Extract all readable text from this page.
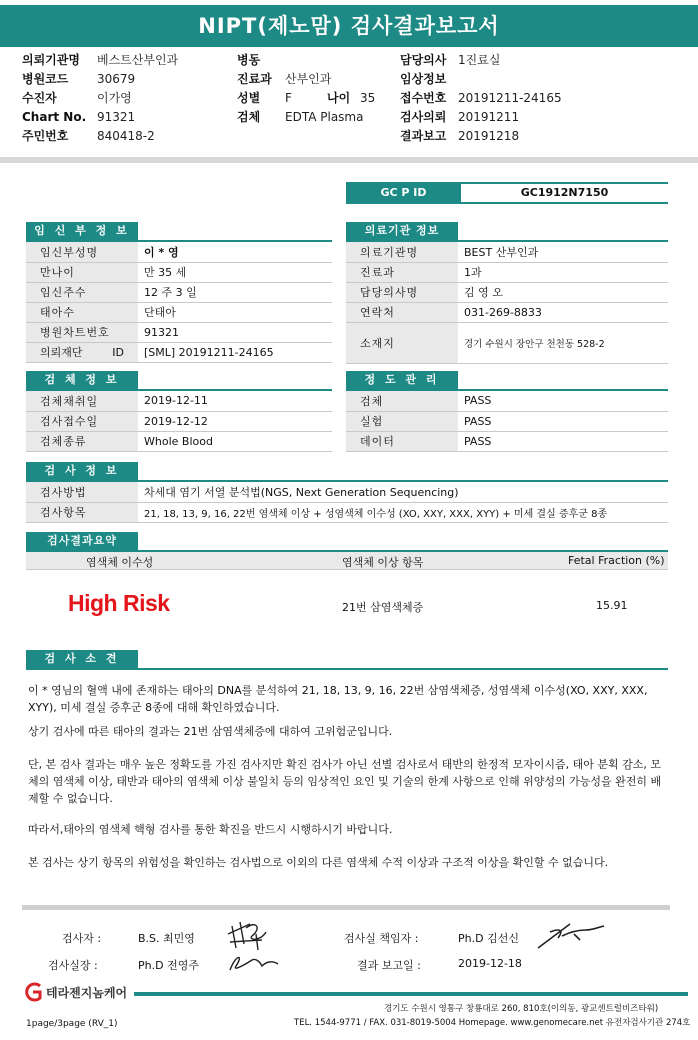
NIPT(제노맘) 검사결과보고서
의뢰기관명 베스트산부인과
병원코드 30679
수진자	이가영
Chart No. 91321
주민번호 840418-2
병동
진료과 산부인과
성별 F	나이 35
검체 EDTA Plasma
담당의사 1진료실
임상정보
접수번호 20191211-24165
검사의뢰 20191211
결과보고 20191218
GC P ID	GC1912N7150
임 신 부 정 보
임신부성명	이 * 영
만나이	만 35 세
임신주수	12 주 3 일
태아수	단태아
병원차트번호	91321
의뢰재단 ID	[SML] 20191211-24165
의료기관 정보
의료기관명	BEST 산부인과
진료과	1과
담당의사명	김 영 오
연락처	031-269-8833
소재지	경기 수원시 장안구 천천동 528-2
검 체 정 보
검체채취일	2019-12-11
검사접수일	2019-12-12
검체종류	Whole Blood
정 도 관 리
검체	PASS
실험	PASS
데이터	PASS
검 사 정 보
검사방법	차세대 염기 서열 분석법(NGS, Next Generation Sequencing)
검사항목	21, 18, 13, 9, 16, 22번 염색체 이상 + 성염색체 이수성 (XO, XXY, XXX, XYY) + 미세 결실 증후군 8종
검사결과요약
염색체 이수성	염색체 이상 항목	Fetal Fraction (%)
High Risk	21번 삼염색체증	15.91
검 사 소 견
이 * 영님의 혈액 내에 존재하는 태아의 DNA를 분석하여 21, 18, 13, 9, 16, 22번 삼염색체증, 성염색체 이수성(XO, XXY, XXX, XYY), 미세 결실 증후군 8종에 대해 확인하였습니다.
상기 검사에 따른 태아의 결과는 21번 삼염색체증에 대하여 고위험군입니다.
단, 본 검사 결과는 매우 높은 정확도를 가진 검사지만 확진 검사가 아닌 선별 검사로서 태반의 한정적 모자이시즘, 태아 분획 감소, 모체의 염색체 이상, 태반과 태아의 염색체 이상 불일치 등의 임상적인 요인 및 기술의 한계 사항으로 인해 위양성의 가능성을 완전히 배제할 수 없습니다.
따라서,태아의 염색체 핵형 검사를 통한 확진을 반드시 시행하시기 바랍니다.
본 검사는 상기 항목의 위험성을 확인하는 검사법으로 이외의 다른 염색체 수적 이상과 구조적 이상을 확인할 수 없습니다.
검사자 :	B.S. 최민영
검사실장 :	Ph.D 전영주
검사실 책임자 :	Ph.D 김선신
결과 보고일 :	2019-12-18
테라젠지놈케어
경기도 수원시 영통구 창룡대로 260, 810호(이의동, 광교센트럴비즈타워)
TEL. 1544-9771 / FAX. 031-8019-5004 Homepage. www.genomecare.net 유전자검사기관 274호
1page/3page (RV_1)
